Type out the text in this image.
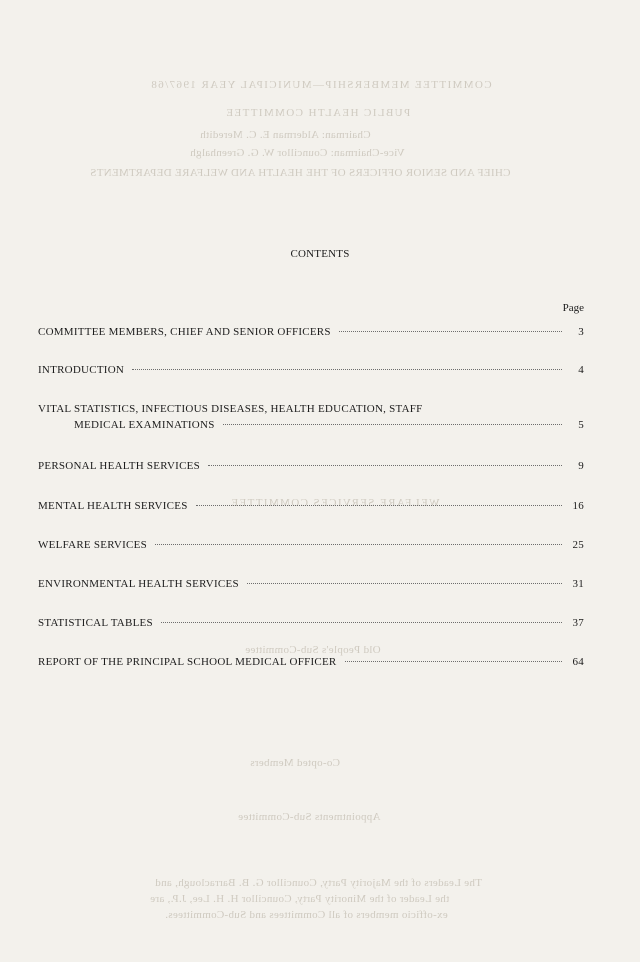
COMMITTEE MEMBERSHIP—MUNICIPAL YEAR 1967/68
PUBLIC HEALTH COMMITTEE
Chairman: Alderman E. C. Meredith
Vice-Chairman: Councillor W. G. Greenhalgh
CHIEF AND SENIOR OFFICERS OF THE HEALTH AND WELFARE DEPARTMENTS
WELFARE SERVICES COMMITTEE
Old People's Sub-Committee
Co-opted Members
Appointments Sub-Committee
The Leaders of the Majority Party, Councillor G. B. Barraclough, and
the Leader of the Minority Party, Councillor H. H. Lee, J.P., are
ex-officio members of all Committees and Sub-Committees.
CONTENTS
Page
COMMITTEE MEMBERS, CHIEF AND SENIOR OFFICERS	3
INTRODUCTION	4
VITAL STATISTICS, INFECTIOUS DISEASES, HEALTH EDUCATION, STAFF
MEDICAL EXAMINATIONS	5
PERSONAL HEALTH SERVICES	9
MENTAL HEALTH SERVICES	16
WELFARE SERVICES	25
ENVIRONMENTAL HEALTH SERVICES	31
STATISTICAL TABLES	37
REPORT OF THE PRINCIPAL SCHOOL MEDICAL OFFICER	64
